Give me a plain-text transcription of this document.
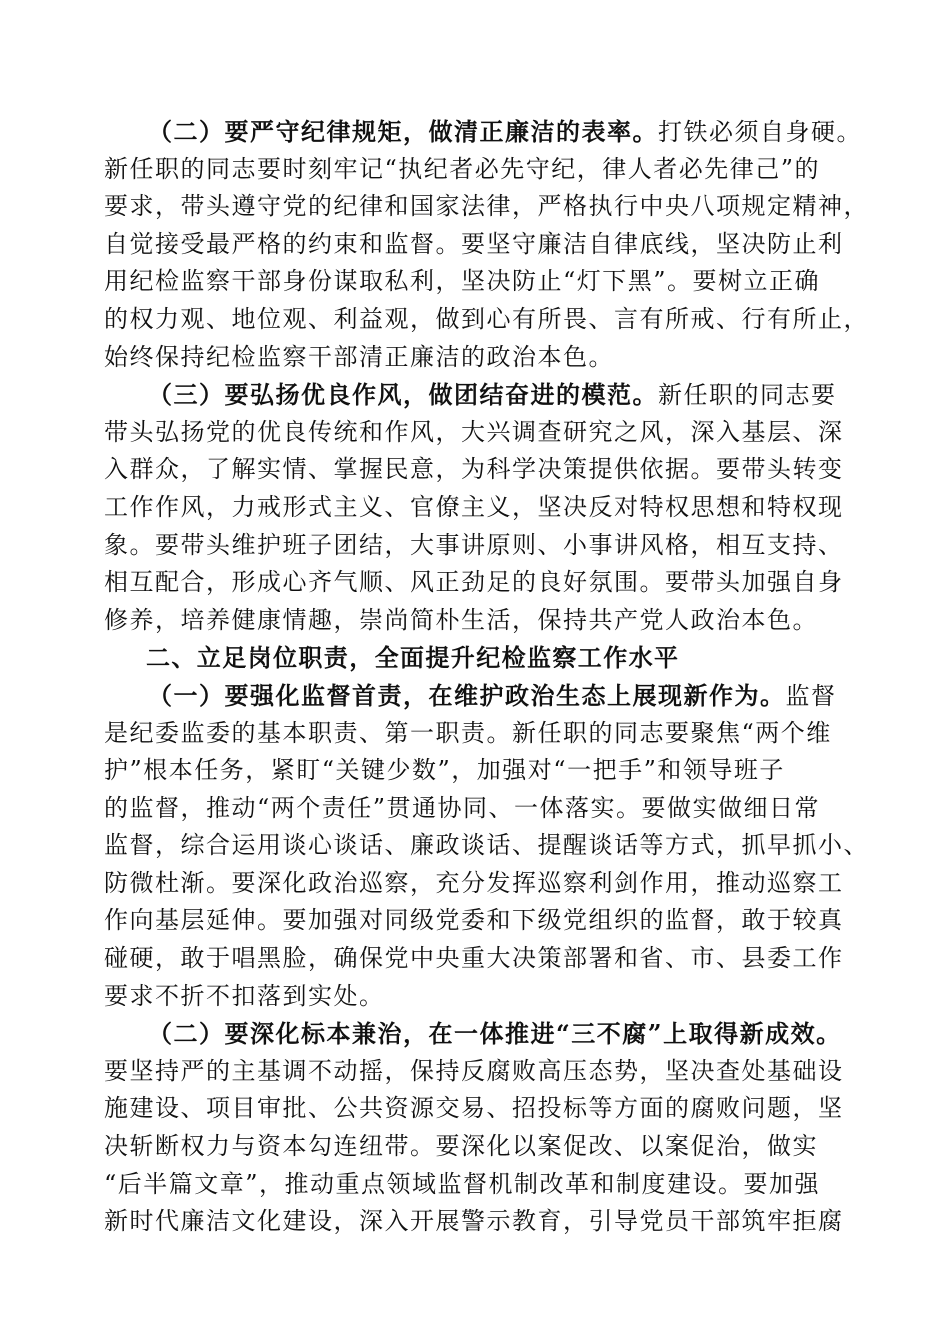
（二）要严守纪律规矩，做清正廉洁的表率。打铁必须自身硬。
新任职的同志要时刻牢记“执纪者必先守纪，律人者必先律己”的
要求，带头遵守党的纪律和国家法律，严格执行中央八项规定精神，
自觉接受最严格的约束和监督。要坚守廉洁自律底线，坚决防止利
用纪检监察干部身份谋取私利，坚决防止“灯下黑”。要树立正确
的权力观、地位观、利益观，做到心有所畏、言有所戒、行有所止，
始终保持纪检监察干部清正廉洁的政治本色。
（三）要弘扬优良作风，做团结奋进的模范。新任职的同志要
带头弘扬党的优良传统和作风，大兴调查研究之风，深入基层、深
入群众，了解实情、掌握民意，为科学决策提供依据。要带头转变
工作作风，力戒形式主义、官僚主义，坚决反对特权思想和特权现
象。要带头维护班子团结，大事讲原则、小事讲风格，相互支持、
相互配合，形成心齐气顺、风正劲足的良好氛围。要带头加强自身
修养，培养健康情趣，崇尚简朴生活，保持共产党人政治本色。
二、立足岗位职责，全面提升纪检监察工作水平
（一）要强化监督首责，在维护政治生态上展现新作为。监督
是纪委监委的基本职责、第一职责。新任职的同志要聚焦“两个维
护”根本任务，紧盯“关键少数”，加强对“一把手”和领导班子
的监督，推动“两个责任”贯通协同、一体落实。要做实做细日常
监督，综合运用谈心谈话、廉政谈话、提醒谈话等方式，抓早抓小、
防微杜渐。要深化政治巡察，充分发挥巡察利剑作用，推动巡察工
作向基层延伸。要加强对同级党委和下级党组织的监督，敢于较真
碰硬，敢于唱黑脸，确保党中央重大决策部署和省、市、县委工作
要求不折不扣落到实处。
（二）要深化标本兼治，在一体推进“三不腐”上取得新成效。
要坚持严的主基调不动摇，保持反腐败高压态势，坚决查处基础设
施建设、项目审批、公共资源交易、招投标等方面的腐败问题，坚
决斩断权力与资本勾连纽带。要深化以案促改、以案促治，做实
“后半篇文章”，推动重点领域监督机制改革和制度建设。要加强
新时代廉洁文化建设，深入开展警示教育，引导党员干部筑牢拒腐
